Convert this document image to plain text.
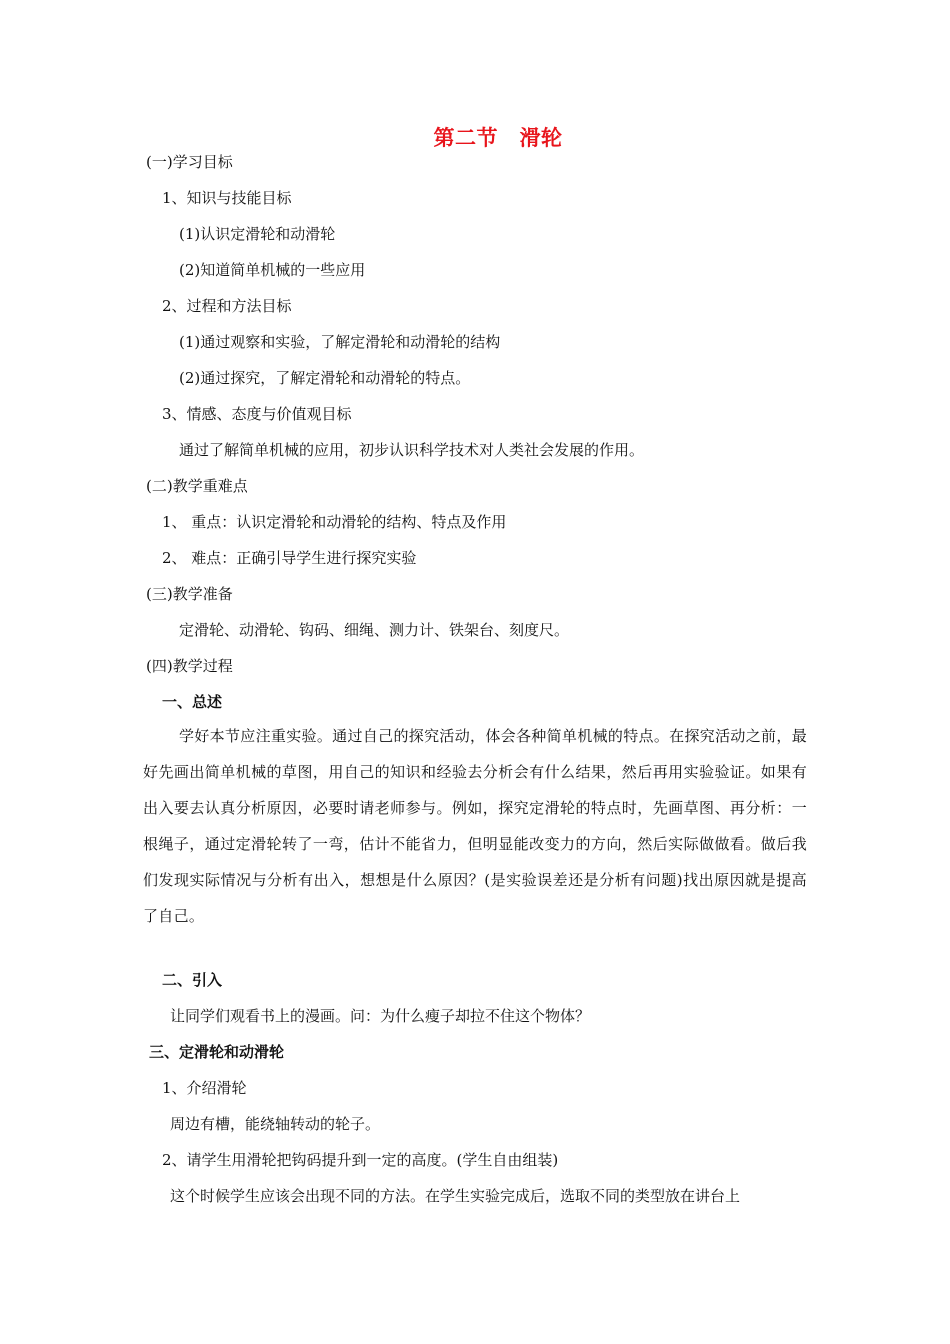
第二节　滑轮
(一)学习目标
1、知识与技能目标
(1)认识定滑轮和动滑轮
(2)知道简单机械的一些应用
2、过程和方法目标
(1)通过观察和实验，了解定滑轮和动滑轮的结构
(2)通过探究，了解定滑轮和动滑轮的特点。
3、情感、态度与价值观目标
通过了解简单机械的应用，初步认识科学技术对人类社会发展的作用。
(二)教学重难点
1、 重点：认识定滑轮和动滑轮的结构、特点及作用
2、 难点：正确引导学生进行探究实验
(三)教学准备
定滑轮、动滑轮、钩码、细绳、测力计、铁架台、刻度尺。
(四)教学过程
一、总述
学好本节应注重实验。通过自己的探究活动，体会各种简单机械的特点。在探究活动之前，最好先画出简单机械的草图，用自己的知识和经验去分析会有什么结果，然后再用实验验证。如果有出入要去认真分析原因，必要时请老师参与。例如，探究定滑轮的特点时，先画草图、再分析：一根绳子，通过定滑轮转了一弯，估计不能省力，但明显能改变力的方向，然后实际做做看。做后我们发现实际情况与分析有出入，想想是什么原因？(是实验误差还是分析有问题)找出原因就是提高了自己。
二、引入
让同学们观看书上的漫画。问：为什么瘦子却拉不住这个物体？
三、定滑轮和动滑轮
1、介绍滑轮
周边有槽，能绕轴转动的轮子。
2、请学生用滑轮把钩码提升到一定的高度。(学生自由组装)
这个时候学生应该会出现不同的方法。在学生实验完成后，选取不同的类型放在讲台上
